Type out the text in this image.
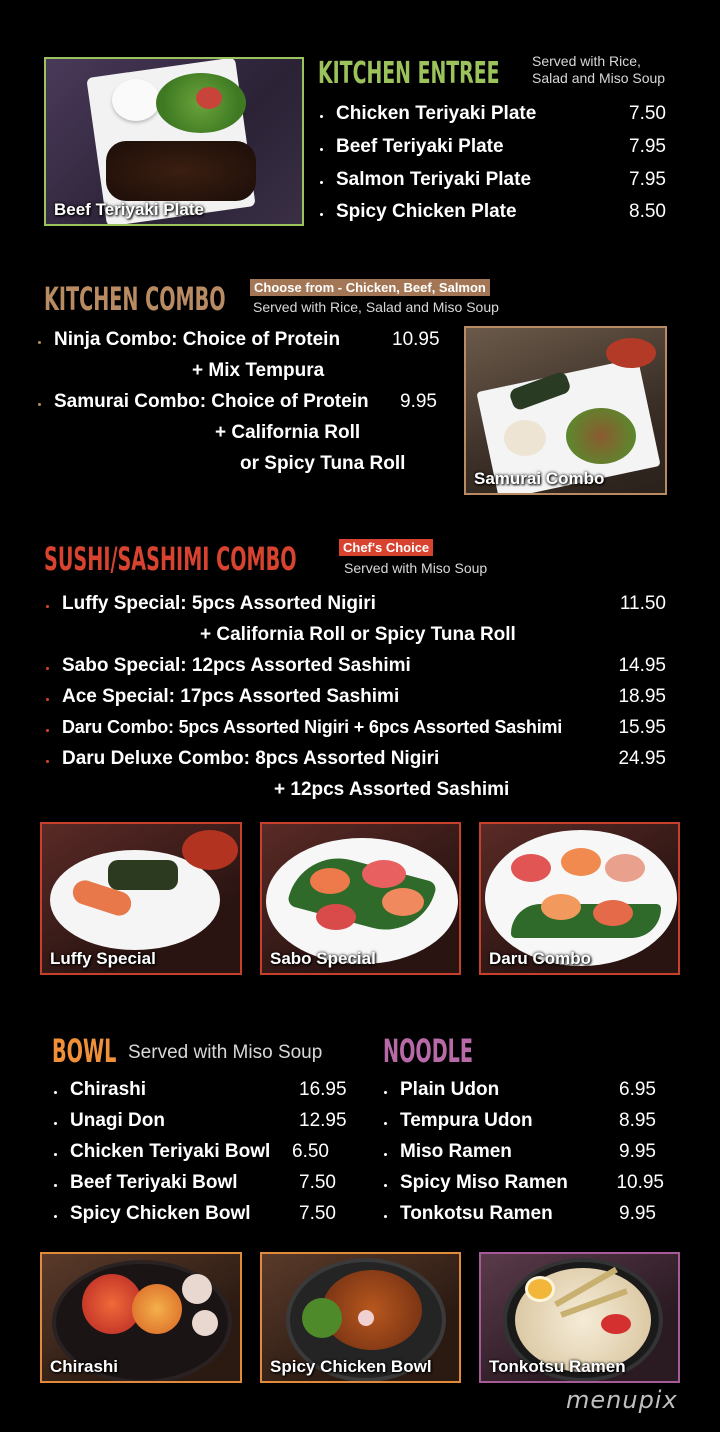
Beef Teriyaki Plate
KITCHEN ENTREE Served with Rice,
Salad and Miso Soup
Chicken Teriyaki Plate	7.50
Beef Teriyaki Plate	7.95
Salmon Teriyaki Plate	7.95
Spicy Chicken Plate	8.50
KITCHEN COMBO	Choose from - Chicken, Beef, Salmon
Served with Rice, Salad and Miso Soup
Ninja Combo: Choice of Protein	10.95
+ Mix Tempura
Samurai Combo: Choice of Protein 9.95
+ California Roll
or Spicy Tuna Roll
Samurai Combo
SUSHI/SASHIMI COMBO	Chef's Choice
Served with Miso Soup
Luffy Special: 5pcs Assorted Nigiri	11.50
+ California Roll or Spicy Tuna Roll
Sabo Special: 12pcs Assorted Sashimi	14.95
Ace Special: 17pcs Assorted Sashimi	18.95
Daru Combo: 5pcs Assorted Nigiri + 6pcs Assorted Sashimi	15.95
Daru Deluxe Combo: 8pcs Assorted Nigiri	24.95
+ 12pcs Assorted Sashimi
Luffy Special	Sabo Special	Daru Combo
BOWL Served with Miso Soup
Chirashi	16.95
Unagi Don	12.95
Chicken Teriyaki Bowl 6.50
Beef Teriyaki Bowl	7.50
Spicy Chicken Bowl	7.50
NOODLE
Plain Udon	6.95
Tempura Udon	8.95
Miso Ramen	9.95
Spicy Miso Ramen	10.95
Tonkotsu Ramen	9.95
Chirashi	Spicy Chicken Bowl	Tonkotsu Ramen
menupix
